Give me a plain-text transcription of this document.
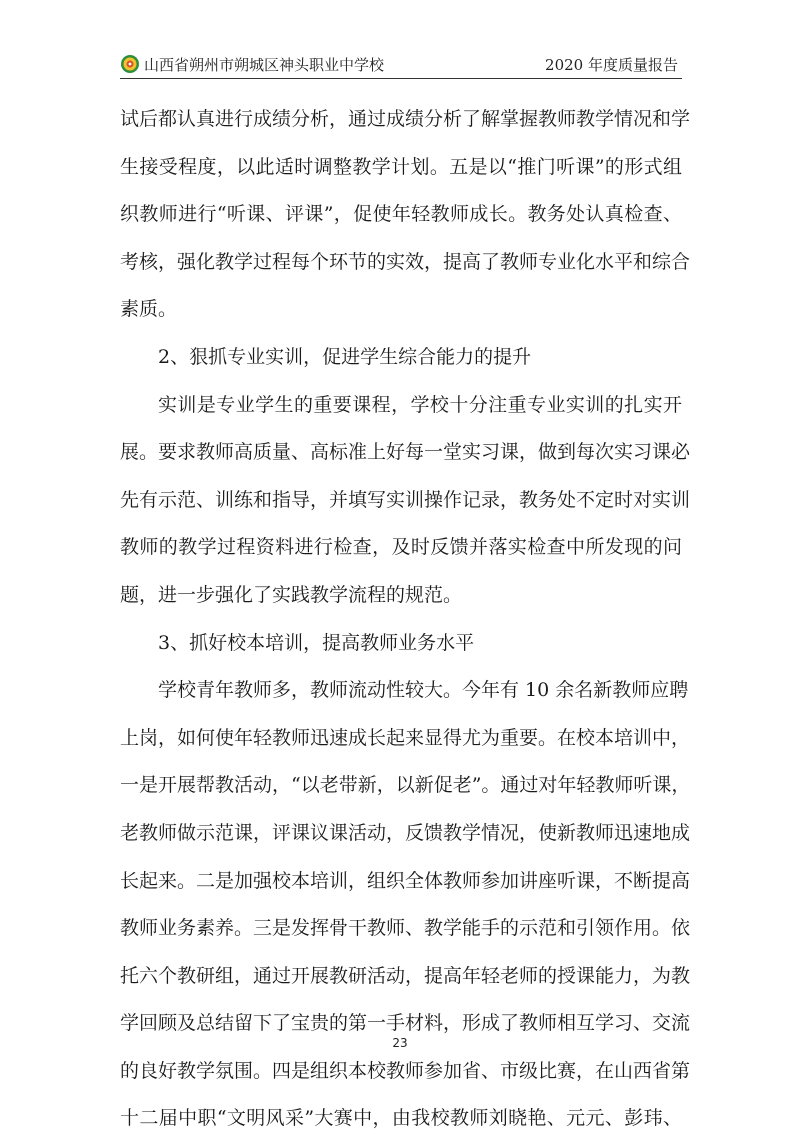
山西省朔州市朔城区神头职业中学校	2020 年度质量报告
试后都认真进行成绩分析，通过成绩分析了解掌握教师教学情况和学
生接受程度，以此适时调整教学计划。五是以“推门听课”的形式组
织教师进行“听课、评课”，促使年轻教师成长。教务处认真检查、
考核，强化教学过程每个环节的实效，提高了教师专业化水平和综合
素质。
2、狠抓专业实训，促进学生综合能力的提升
实训是专业学生的重要课程，学校十分注重专业实训的扎实开
展。要求教师高质量、高标准上好每一堂实习课，做到每次实习课必
先有示范、训练和指导，并填写实训操作记录，教务处不定时对实训
教师的教学过程资料进行检查，及时反馈并落实检查中所发现的问
题，进一步强化了实践教学流程的规范。
3、抓好校本培训，提高教师业务水平
学校青年教师多，教师流动性较大。今年有 10 余名新教师应聘
上岗，如何使年轻教师迅速成长起来显得尤为重要。在校本培训中，
一是开展帮教活动，“以老带新，以新促老”。通过对年轻教师听课，
老教师做示范课，评课议课活动，反馈教学情况，使新教师迅速地成
长起来。二是加强校本培训，组织全体教师参加讲座听课，不断提高
教师业务素养。三是发挥骨干教师、教学能手的示范和引领作用。依
托六个教研组，通过开展教研活动，提高年轻老师的授课能力，为教
学回顾及总结留下了宝贵的第一手材料，形成了教师相互学习、交流
的良好教学氛围。四是组织本校教师参加省、市级比赛，在山西省第
十二届中职“文明风采”大赛中，由我校教师刘晓艳、元元、彭玮、
23
